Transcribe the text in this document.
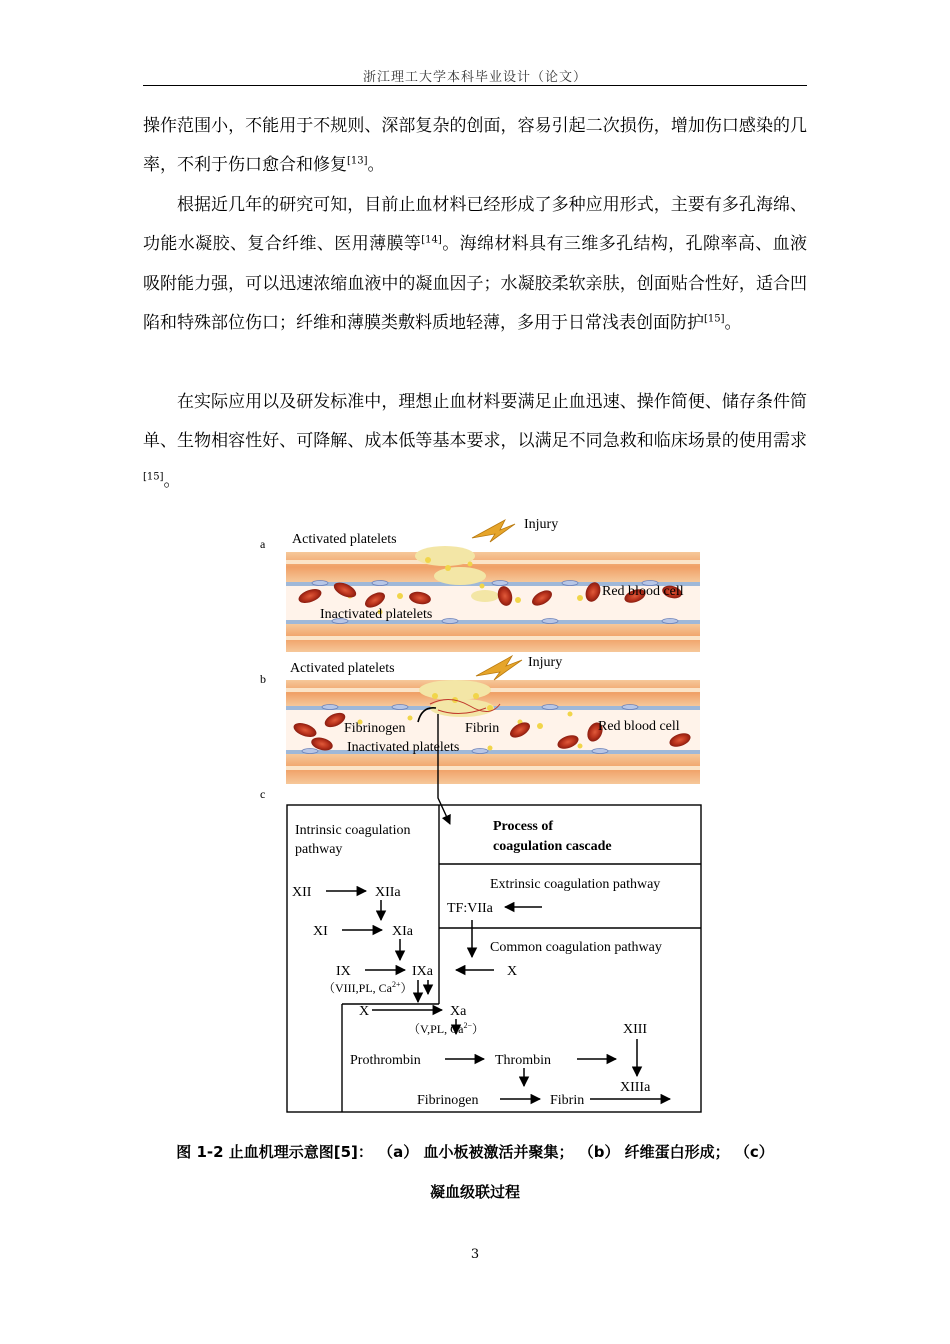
浙江理工大学本科毕业设计（论文）
操作范围小，不能用于不规则、深部复杂的创面，容易引起二次损伤，增加伤口感染的几率，不利于伤口愈合和修复[13]。
根据近几年的研究可知，目前止血材料已经形成了多种应用形式，主要有多孔海绵、功能水凝胶、复合纤维、医用薄膜等[14]。海绵材料具有三维多孔结构，孔隙率高、血液吸附能力强，可以迅速浓缩血液中的凝血因子；水凝胶柔软亲肤，创面贴合性好，适合凹陷和特殊部位伤口；纤维和薄膜类敷料质地轻薄，多用于日常浅表创面防护[15]。
在实际应用以及研发标准中，理想止血材料要满足止血迅速、操作简便、储存条件简单、生物相容性好、可降解、成本低等基本要求，以满足不同急救和临床场景的使用需求[15]。
a Activated platelets
Injury
Inactivated platelets
Red blood cell
b
Activated platelets	Injury
Fibrinogen	Fibrin
Inactivated platelets
Red blood cell
c
Intrinsic coagulation
pathway
Process of
coagulation cascade
Extrinsic coagulation pathway
TF:VIIa
Common coagulation pathway
XII	XIIa
XI	XIa
IX	IXa
（VIII,PL, $Ca^{2+}$）
X
X
Xa
（V,PL, $Ca^{2-}$）
Prothrombin	Thrombin
XIII
XIIIa
Fibrinogen	Fibrin
图 1-2 止血机理示意图[5]： （a） 血小板被激活并聚集； （b） 纤维蛋白形成； （c）
凝血级联过程
3
